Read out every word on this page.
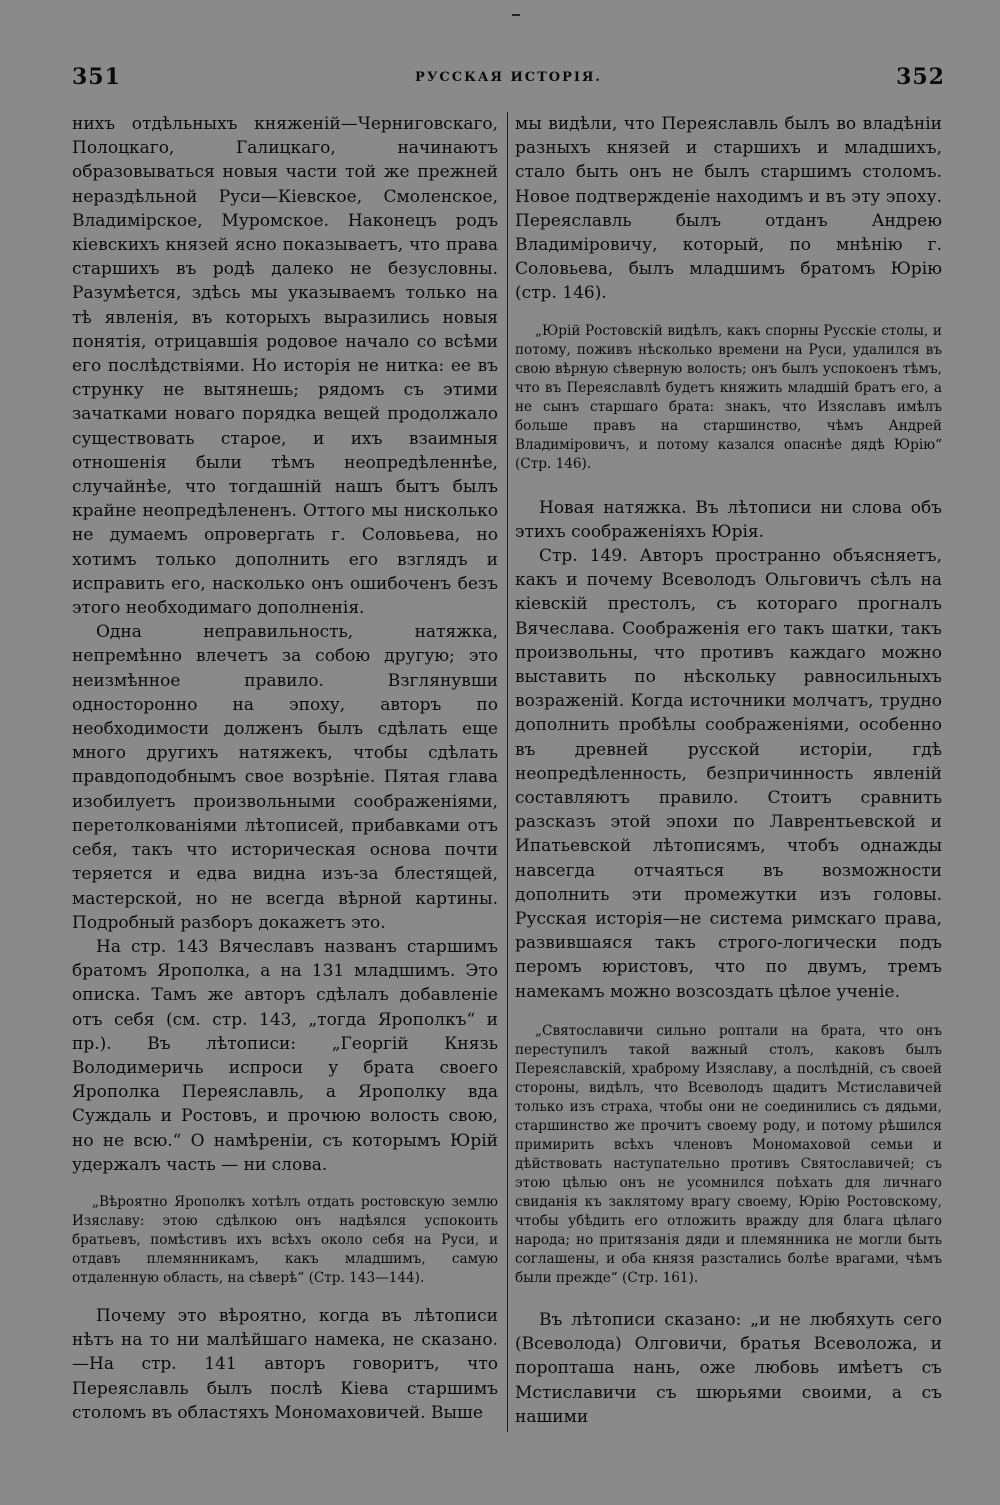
351	РУССКАЯ ИСТОРІЯ.	352

нихъ отдѣльныхъ княженій—Черниговскаго, Полоцкаго, Галицкаго, начинаютъ образовываться новыя части той же прежней нераздѣльной Руси—Кіевское, Смоленское, Владимірское, Муромское. Наконецъ родъ кіевскихъ князей ясно показываетъ, что права старшихъ въ родѣ далеко не безусловны. Разумѣется, здѣсь мы указываемъ только на тѣ явленія, въ которыхъ выразились новыя понятія, отрицавшія родовое начало со всѣми его послѣдствіями. Но исторія не нитка: ее въ струнку не вытянешь; рядомъ съ этими зачатками новаго порядка вещей продолжало существовать старое, и ихъ взаимныя отношенія были тѣмъ неопредѣленнѣе, случайнѣе, что тогдашній нашъ бытъ былъ крайне неопредѣлененъ. Оттого мы нисколько не думаемъ опровергать г. Соловьева, но хотимъ только дополнить его взглядъ и исправить его, насколько онъ ошибоченъ безъ этого необходимаго дополненія.

Одна неправильность, натяжка, непремѣнно влечетъ за собою другую; это неизмѣнное правило. Взглянувши односторонно на эпоху, авторъ по необходимости долженъ былъ сдѣлать еще много другихъ натяжекъ, чтобы сдѣлать правдоподобнымъ свое возрѣніе. Пятая глава изобилуетъ произвольными соображеніями, перетолкованіями лѣтописей, прибавками отъ себя, такъ что историческая основа почти теряется и едва видна изъ-за блестящей, мастерской, но не всегда вѣрной картины. Подробный разборъ докажетъ это.

На стр. 143 Вячеславъ названъ старшимъ братомъ Ярополка, а на 131 младшимъ. Это описка. Тамъ же авторъ сдѣлалъ добавленіе отъ себя (см. стр. 143, „тогда Ярополкъ“ и пр.). Въ лѣтописи: „Георгій Князь Володимеричь испроси у брата своего Ярополка Переяславль, а Ярополку вда Суждаль и Ростовъ, и прочюю волость свою, но не всю.“ О намѣреніи, съ которымъ Юрій удержалъ часть — ни слова.

„Вѣроятно Ярополкъ хотѣлъ отдать ростовскую землю Изяславу: этою сдѣлкою онъ надѣялся успокоить братьевъ, помѣстивъ ихъ всѣхъ около себя на Руси, и отдавъ племянникамъ, какъ младшимъ, самую отдаленную область, на сѣверѣ“ (Стр. 143—144).

Почему это вѣроятно, когда въ лѣтописи нѣтъ на то ни малѣйшаго намека, не сказано.—На стр. 141 авторъ говоритъ, что Переяславль былъ послѣ Кіева старшимъ столомъ въ областяхъ Мономаховичей. Выше

мы видѣли, что Переяславль былъ во владѣніи разныхъ князей и старшихъ и младшихъ, стало быть онъ не былъ старшимъ столомъ. Новое подтвержденіе находимъ и въ эту эпоху. Переяславль былъ отданъ Андрею Владиміровичу, который, по мнѣнію г. Соловьева, былъ младшимъ братомъ Юрію (стр. 146).

„Юрій Ростовскій видѣлъ, какъ спорны Русскіе столы, и потому, поживъ нѣсколько времени на Руси, удалился въ свою вѣрную сѣверную волость; онъ былъ успокоенъ тѣмъ, что въ Переяславлѣ будетъ княжить младшій братъ его, а не сынъ старшаго брата: знакъ, что Изяславъ имѣлъ больше правъ на старшинство, чѣмъ Андрей Владиміровичъ, и потому казался опаснѣе дядѣ Юрію“ (Стр. 146).

Новая натяжка. Въ лѣтописи ни слова объ этихъ соображеніяхъ Юрія.

Стр. 149. Авторъ пространно объясняетъ, какъ и почему Всеволодъ Ольговичъ сѣлъ на кіевскій престолъ, съ котораго прогналъ Вячеслава. Соображенія его такъ шатки, такъ произвольны, что противъ каждаго можно выставить по нѣскольку равносильныхъ возраженій. Когда источники молчатъ, трудно дополнить пробѣлы соображеніями, особенно въ древней русской исторіи, гдѣ неопредѣленность, безпричинность явленій составляютъ правило. Стоитъ сравнить разсказъ этой эпохи по Лаврентьевской и Ипатьевской лѣтописямъ, чтобъ однажды навсегда отчаяться въ возможности дополнить эти промежутки изъ головы. Русская исторія—не система римскаго права, развившаяся такъ строго-логически подъ перомъ юристовъ, что по двумъ, тремъ намекамъ можно возсоздать цѣлое ученіе.

„Святославичи сильно роптали на брата, что онъ переступилъ такой важный столъ, каковъ былъ Переяславскій, храброму Изяславу, а послѣдній, съ своей стороны, видѣлъ, что Всеволодъ щадитъ Мстиславичей только изъ страха, чтобы они не соединились съ дядьми, старшинство же прочитъ своему роду, и потому рѣшился примирить всѣхъ членовъ Мономаховой семьи и дѣйствовать наступательно противъ Святославичей; съ этою цѣлью онъ не усомнился поѣхать для личнаго свиданія къ заклятому врагу своему, Юрію Ростовскому, чтобы убѣдить его отложить вражду для блага цѣлаго народа; но притязанія дяди и племянника не могли быть соглашены, и оба князя разстались болѣе врагами, чѣмъ были прежде“ (Стр. 161).

Въ лѣтописи сказано: „и не любяхуть сего (Всеволода) Олговичи, братья Всеволожа, и поропташа нань, оже любовь имѣетъ съ Мстиславичи съ шюрьями своими, а съ нашими
